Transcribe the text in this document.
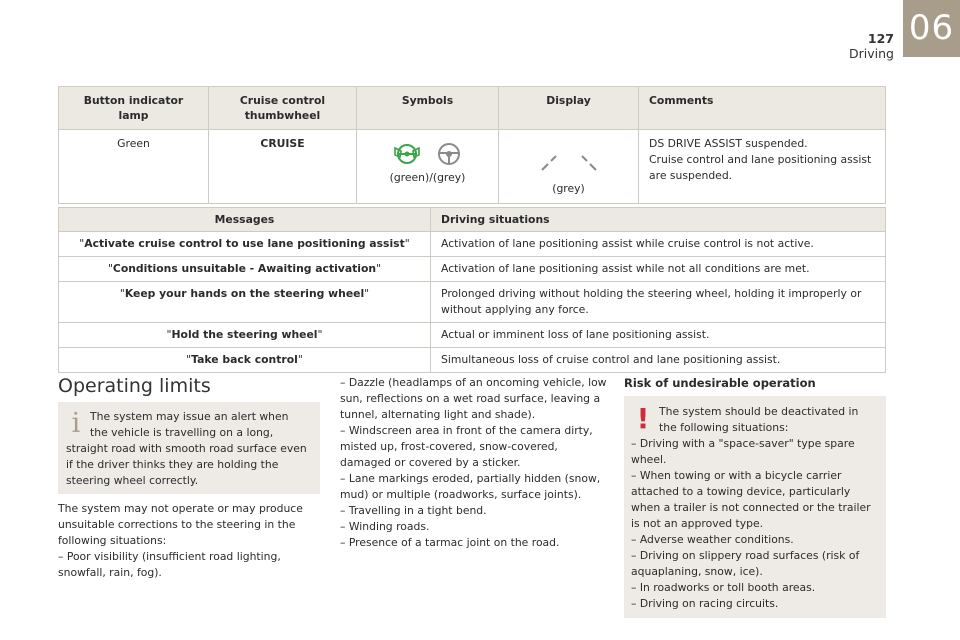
127
Driving
06
Button indicator lamp	Cruise control thumbwheel	Symbols	Display	Comments
Green	CRUISE	(green)/(grey)	(grey)	DS DRIVE ASSIST suspended.
Cruise control and lane positioning assist are suspended.
Messages	Driving situations
"Activate cruise control to use lane positioning assist"	Activation of lane positioning assist while cruise control is not active.
"Conditions unsuitable - Awaiting activation"	Activation of lane positioning assist while not all conditions are met.
"Keep your hands on the steering wheel"	Prolonged driving without holding the steering wheel, holding it improperly or without applying any force.
"Hold the steering wheel"	Actual or imminent loss of lane positioning assist.
"Take back control"	Simultaneous loss of cruise control and lane positioning assist.
Operating limits
i The system may issue an alert when the vehicle is travelling on a long, straight road with smooth road surface even if the driver thinks they are holding the steering wheel correctly.
The system may not operate or may produce unsuitable corrections to the steering in the following situations:
– Poor visibility (insufficient road lighting, snowfall, rain, fog).
– Dazzle (headlamps of an oncoming vehicle, low sun, reflections on a wet road surface, leaving a tunnel, alternating light and shade).
– Windscreen area in front of the camera dirty, misted up, frost-covered, snow-covered, damaged or covered by a sticker.
– Lane markings eroded, partially hidden (snow, mud) or multiple (roadworks, surface joints).
– Travelling in a tight bend.
– Winding roads.
– Presence of a tarmac joint on the road.
Risk of undesirable operation
! The system should be deactivated in the following situations:
– Driving with a "space-saver" type spare wheel.
– When towing or with a bicycle carrier attached to a towing device, particularly when a trailer is not connected or the trailer is not an approved type.
– Adverse weather conditions.
– Driving on slippery road surfaces (risk of aquaplaning, snow, ice).
– In roadworks or toll booth areas.
– Driving on racing circuits.
